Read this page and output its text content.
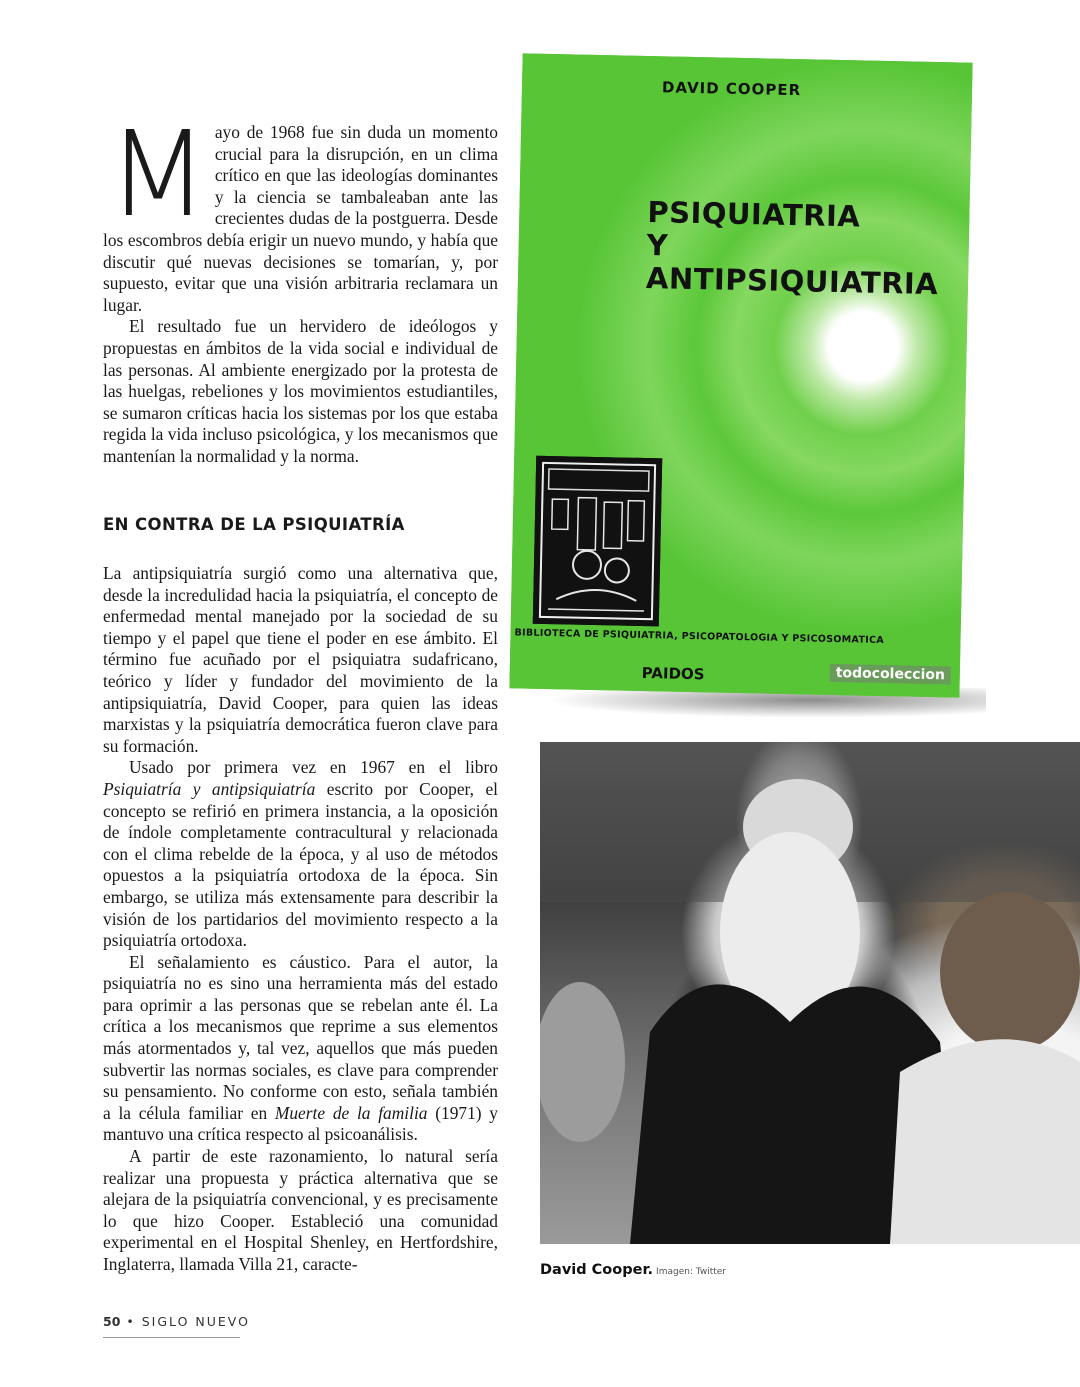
Mayo de 1968 fue sin duda un momento crucial para la disrupción, en un clima crítico en que las ideologías dominantes y la ciencia se tambaleaban ante las crecientes dudas de la postguerra. Desde los escombros debía erigir un nuevo mundo, y había que discutir qué nuevas decisiones se tomarían, y, por supuesto, evitar que una visión arbitraria reclamara un lugar.

El resultado fue un hervidero de ideólogos y propuestas en ámbitos de la vida social e individual de las personas. Al ambiente energizado por la protesta de las huelgas, rebeliones y los movimientos estudiantiles, se sumaron críticas hacia los sistemas por los que estaba regida la vida incluso psicológica, y los mecanismos que mantenían la normalidad y la norma.

EN CONTRA DE LA PSIQUIATRÍA

La antipsiquiatría surgió como una alternativa que, desde la incredulidad hacia la psiquiatría, el concepto de enfermedad mental manejado por la sociedad de su tiempo y el papel que tiene el poder en ese ámbito. El término fue acuñado por el psiquiatra sudafricano, teórico y líder y fundador del movimiento de la antipsiquiatría, David Cooper, para quien las ideas marxistas y la psiquiatría democrática fueron clave para su formación.

Usado por primera vez en 1967 en el libro Psiquiatría y antipsiquiatría escrito por Cooper, el concepto se refirió en primera instancia, a la oposición de índole completamente contracultural y relacionada con el clima rebelde de la época, y al uso de métodos opuestos a la psiquiatría ortodoxa de la época. Sin embargo, se utiliza más extensamente para describir la visión de los partidarios del movimiento respecto a la psiquiatría ortodoxa.

El señalamiento es cáustico. Para el autor, la psiquiatría no es sino una herramienta más del estado para oprimir a las personas que se rebelan ante él. La crítica a los mecanismos que reprime a sus elementos más atormentados y, tal vez, aquellos que más pueden subvertir las normas sociales, es clave para comprender su pensamiento. No conforme con esto, señala también a la célula familiar en Muerte de la familia (1971) y mantuvo una crítica respecto al psicoanálisis.

A partir de este razonamiento, lo natural sería realizar una propuesta y práctica alternativa que se alejara de la psiquiatría convencional, y es precisamente lo que hizo Cooper. Estableció una comunidad experimental en el Hospital Shenley, en Hertfordshire, Inglaterra, llamada Villa 21, caracte-

DAVID COOPER
PSIQUIATRIA
Y
ANTIPSIQUIATRIA
BIBLIOTECA DE PSIQUIATRIA, PSICOPATOLOGIA Y PSICOSOMATICA
PAIDOS	todocoleccion
David Cooper. Imagen: Twitter
50 • SIGLO NUEVO
